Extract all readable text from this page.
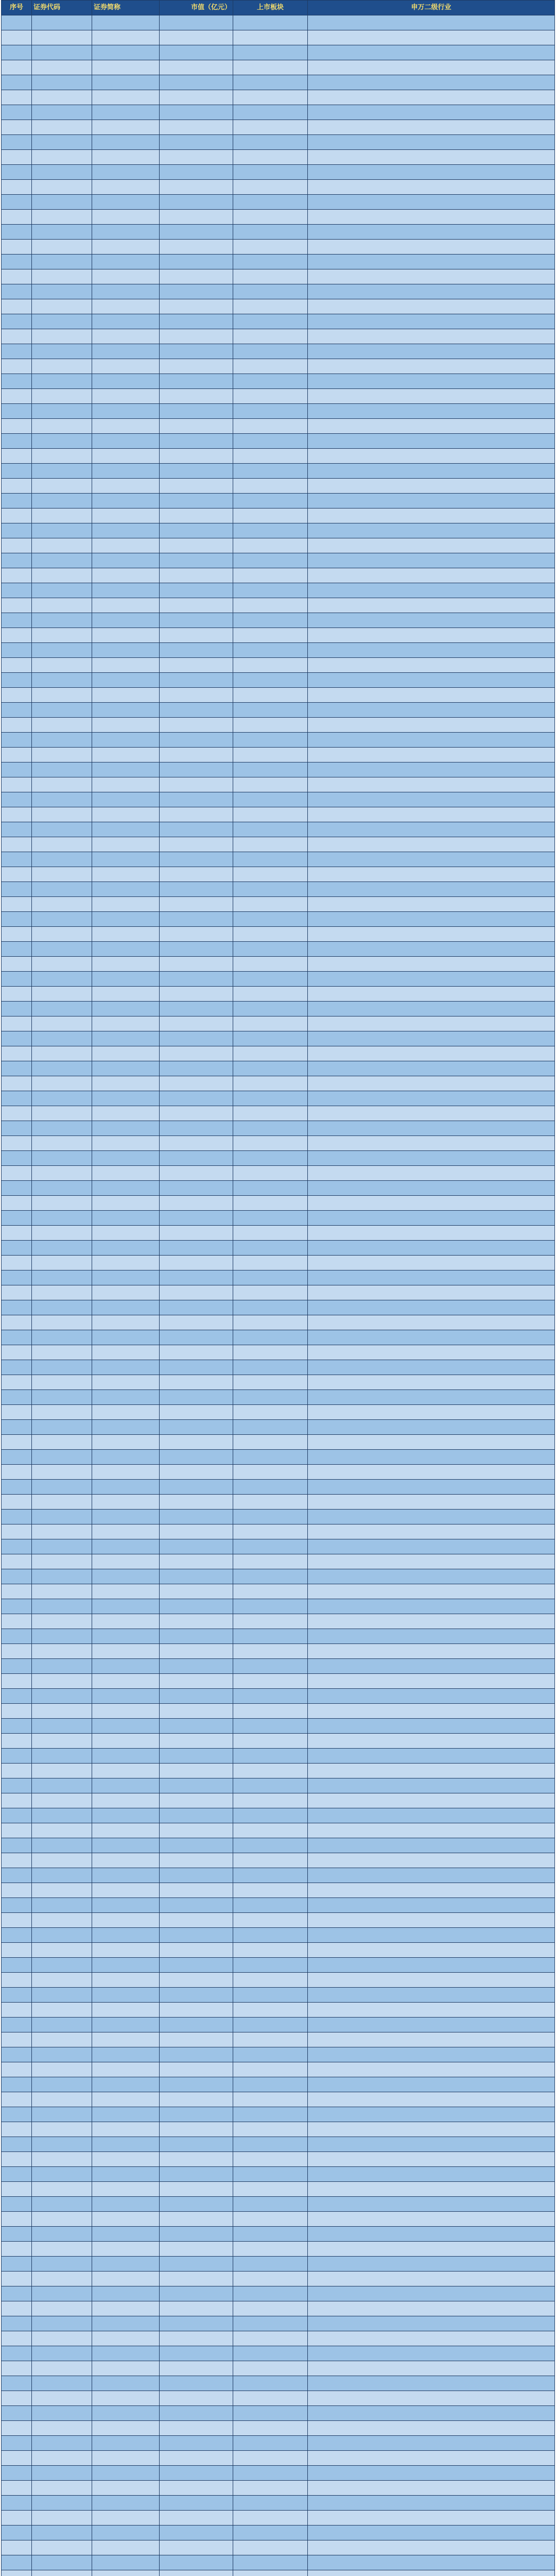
序号	证券代码	证券简称	市值（亿元）	上市板块	申万二级行业
